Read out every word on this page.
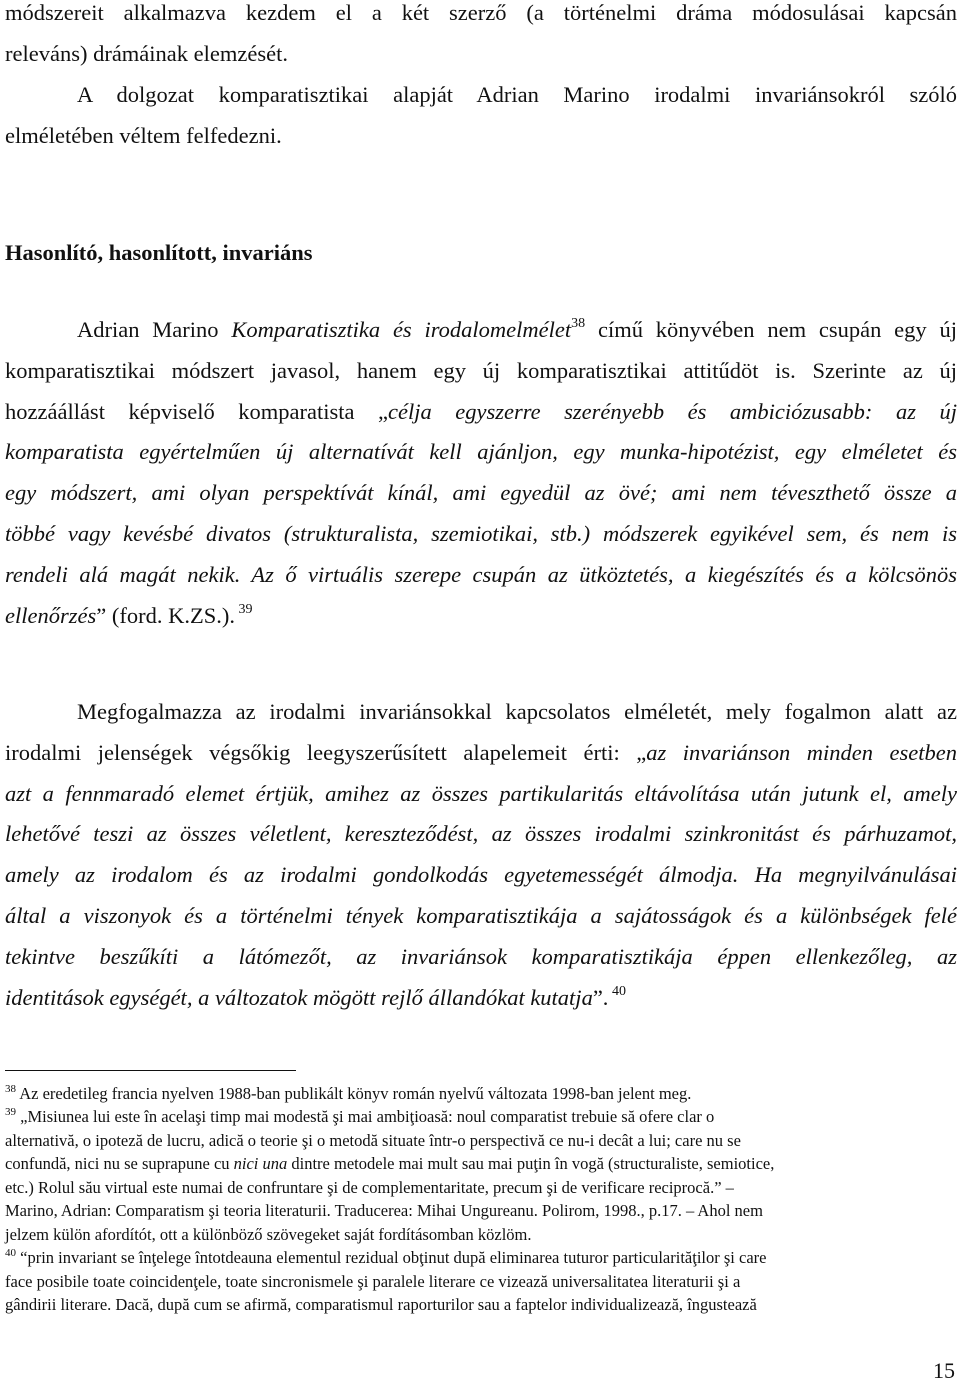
módszereit alkalmazva kezdem el a két szerző (a történelmi dráma módosulásai kapcsán
releváns) drámáinak elemzését.
A dolgozat komparatisztikai alapját Adrian Marino irodalmi invariánsokról szóló
elméletében véltem felfedezni.
Hasonlító, hasonlított, invariáns
Adrian Marino Komparatisztika és irodalomelmélet$^{38}$ című könyvében nem csupán egy új
komparatisztikai módszert javasol, hanem egy új komparatisztikai attitűdöt is. Szerinte az új
hozzáállást képviselő komparatista „célja egyszerre szerényebb és ambiciózusabb: az új
komparatista egyértelműen új alternatívát kell ajánljon, egy munka-hipotézist, egy elméletet és
egy módszert, ami olyan perspektívát kínál, ami egyedül az övé; ami nem téveszthető össze a
többé vagy kevésbé divatos (strukturalista, szemiotikai, stb.) módszerek egyikével sem, és nem is
rendeli alá magát nekik. Az ő virtuális szerepe csupán az ütköztetés, a kiegészítés és a kölcsönös
ellenőrzés” (ford. K.ZS.). $^{39}$
Megfogalmazza az irodalmi invariánsokkal kapcsolatos elméletét, mely fogalmon alatt az
irodalmi jelenségek végsőkig leegyszerűsített alapelemeit érti: „az invariánson minden esetben
azt a fennmaradó elemet értjük, amihez az összes partikularitás eltávolítása után jutunk el, amely
lehetővé teszi az összes véletlent, kereszteződést, az összes irodalmi szinkronitást és párhuzamot,
amely az irodalom és az irodalmi gondolkodás egyetemességét álmodja. Ha megnyilvánulásai
által a viszonyok és a történelmi tények komparatisztikája a sajátosságok és a különbségek felé
tekintve beszűkíti a látómezőt, az invariánsok komparatisztikája éppen ellenkezőleg, az
identitások egységét, a változatok mögött rejlő állandókat kutatja”. $^{40}$
$^{38}$ Az eredetileg francia nyelven 1988-ban publikált könyv román nyelvű változata 1998-ban jelent meg.
$^{39}$ „Misiunea lui este în acelaşi timp mai modestă şi mai ambiţioasă: noul comparatist trebuie să ofere clar o
alternativă, o ipoteză de lucru, adică o teorie şi o metodă situate într-o perspectivă ce nu-i decât a lui; care nu se
confundă, nici nu se suprapune cu nici una dintre metodele mai mult sau mai puţin în vogă (structuraliste, semiotice,
etc.) Rolul său virtual este numai de confruntare şi de complementaritate, precum şi de verificare reciprocă.” –
Marino, Adrian: Comparatism şi teoria literaturii. Traducerea: Mihai Ungureanu. Polirom, 1998., p.17. – Ahol nem
jelzem külön afordítót, ott a különböző szövegeket saját fordításomban közlöm.
$^{40}$ “prin invariant se înţelege întotdeauna elementul rezidual obţinut după eliminarea tuturor particularităţilor şi care
face posibile toate coincidenţele, toate sincronismele şi paralele literare ce vizează universalitatea literaturii şi a
gândirii literare. Dacă, după cum se afirmă, comparatismul raporturilor sau a faptelor individualizează, îngustează
15
